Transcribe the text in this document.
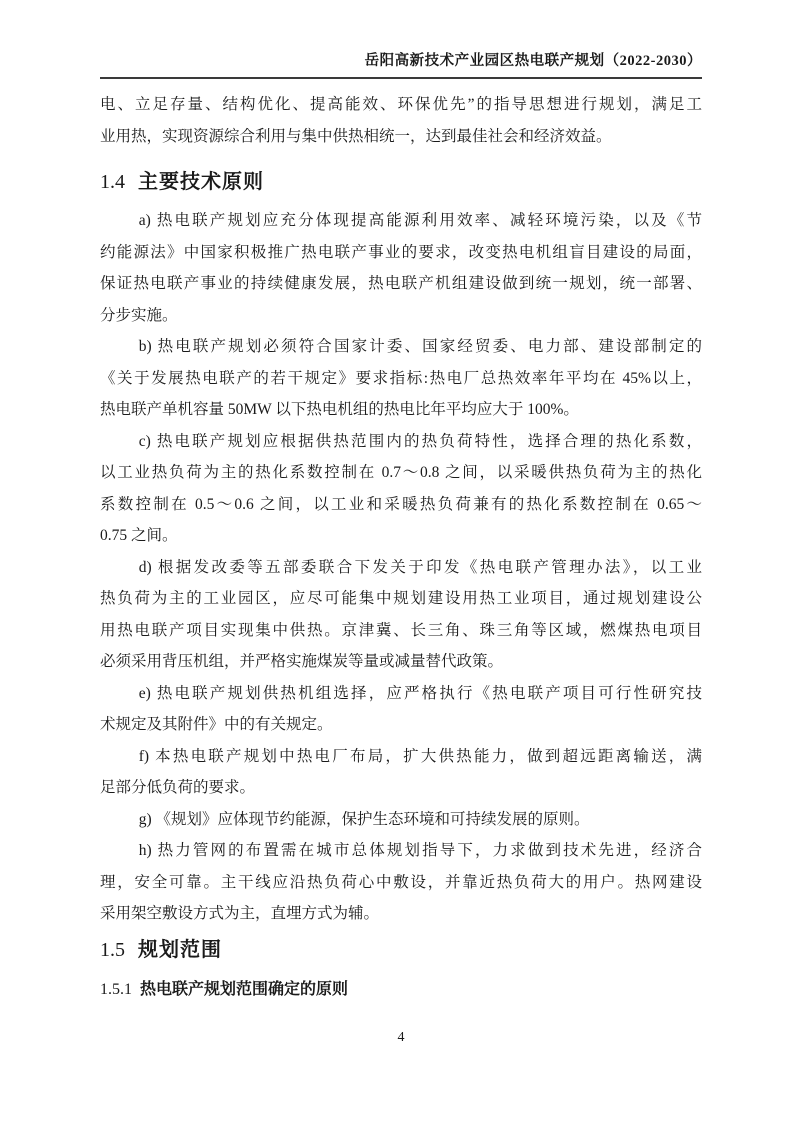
岳阳高新技术产业园区热电联产规划（2022-2030）
电、立足存量、结构优化、提高能效、环保优先”的指导思想进行规划，满足工
业用热，实现资源综合利用与集中供热相统一，达到最佳社会和经济效益。
1.4 主要技术原则
a) 热电联产规划应充分体现提高能源利用效率、减轻环境污染，以及《节
约能源法》中国家积极推广热电联产事业的要求，改变热电机组盲目建设的局面，
保证热电联产事业的持续健康发展，热电联产机组建设做到统一规划，统一部署、
分步实施。
b) 热电联产规划必须符合国家计委、国家经贸委、电力部、建设部制定的
《关于发展热电联产的若干规定》要求指标:热电厂总热效率年平均在 45%以上，
热电联产单机容量 50MW 以下热电机组的热电比年平均应大于 100%。
c) 热电联产规划应根据供热范围内的热负荷特性，选择合理的热化系数，
以工业热负荷为主的热化系数控制在 0.7～0.8 之间，以采暖供热负荷为主的热化
系数控制在 0.5～0.6 之间，以工业和采暖热负荷兼有的热化系数控制在 0.65～
0.75 之间。
d) 根据发改委等五部委联合下发关于印发《热电联产管理办法》，以工业
热负荷为主的工业园区，应尽可能集中规划建设用热工业项目，通过规划建设公
用热电联产项目实现集中供热。京津冀、长三角、珠三角等区域，燃煤热电项目
必须采用背压机组，并严格实施煤炭等量或减量替代政策。
e) 热电联产规划供热机组选择，应严格执行《热电联产项目可行性研究技
术规定及其附件》中的有关规定。
f) 本热电联产规划中热电厂布局，扩大供热能力，做到超远距离输送，满
足部分低负荷的要求。
g) 《规划》应体现节约能源，保护生态环境和可持续发展的原则。
h) 热力管网的布置需在城市总体规划指导下，力求做到技术先进，经济合
理，安全可靠。主干线应沿热负荷心中敷设，并靠近热负荷大的用户。热网建设
采用架空敷设方式为主，直埋方式为辅。
1.5 规划范围
1.5.1 热电联产规划范围确定的原则
4
